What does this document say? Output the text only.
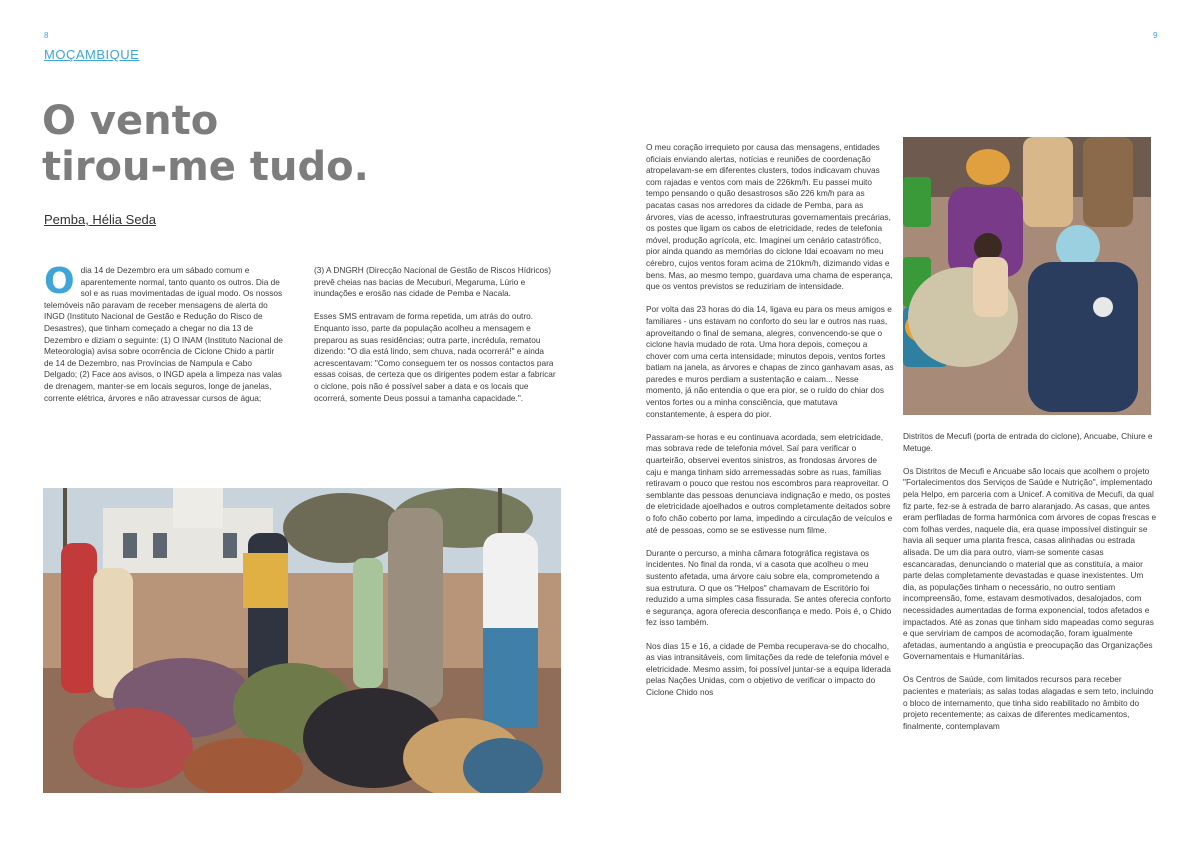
8
MOÇAMBIQUE
O vento
tirou-me tudo.
Pemba, Hélia Seda

Odia 14 de Dezembro era um sábado comum e aparentemente normal, tanto quanto os outros. Dia de sol e as ruas movimentadas de igual modo. Os nossos telemóveis não paravam de receber mensagens de alerta do INGD (Instituto Nacional de Gestão e Redução do Risco de Desastres), que tinham começado a chegar no dia 13 de Dezembro e diziam o seguinte: (1) O INAM (Instituto Nacional de Meteorologia) avisa sobre ocorrência de Ciclone Chido a partir de 14 de Dezembro, nas Províncias de Nampula e Cabo Delgado; (2) Face aos avisos, o INGD apela a limpeza nas valas de drenagem, manter-se em locais seguros, longe de janelas, corrente elétrica, árvores e não atravessar cursos de água;

(3) A DNGRH (Direcção Nacional de Gestão de Riscos Hídricos) prevê cheias nas bacias de Mecuburi, Megaruma, Lúrio e inundações e erosão nas cidade de Pemba e Nacala.

Esses SMS entravam de forma repetida, um atrás do outro. Enquanto isso, parte da população acolheu a mensagem e preparou as suas residências; outra parte, incrédula, rematou dizendo: "O dia está lindo, sem chuva, nada ocorrerá!" e ainda acrescentavam: "Como conseguem ter os nossos contactos para essas coisas, de certeza que os dirigentes podem estar a fabricar o ciclone, pois não é possível saber a data e os locais que ocorrerá, somente Deus possui a tamanha capacidade.".

9

O meu coração irrequieto por causa das mensagens, entidades oficiais enviando alertas, notícias e reuniões de coordenação atropelavam-se em diferentes clusters, todos indicavam chuvas com rajadas e ventos com mais de 226km/h. Eu passei muito tempo pensando o quão desastrosos são 226 km/h para as pacatas casas nos arredores da cidade de Pemba, para as árvores, vias de acesso, infraestruturas governamentais precárias, os postes que ligam os cabos de eletricidade, redes de telefonia móvel, produção agrícola, etc. Imaginei um cenário catastrófico, pior ainda quando as memórias do ciclone Idai ecoavam no meu cérebro, cujos ventos foram acima de 210km/h, dizimando vidas e bens. Mas, ao mesmo tempo, guardava uma chama de esperança, que os ventos previstos se reduziriam de intensidade.

Por volta das 23 horas do dia 14, ligava eu para os meus amigos e familiares - uns estavam no conforto do seu lar e outros nas ruas, aproveitando o final de semana, alegres, convencendo-se que o ciclone havia mudado de rota. Uma hora depois, começou a chover com uma certa intensidade; minutos depois, ventos fortes batiam na janela, as árvores e chapas de zinco ganhavam asas, as paredes e muros perdiam a sustentação e caiam... Nesse momento, já não entendia o que era pior, se o ruído do chiar dos ventos fortes ou a minha consciência, que matutava constantemente, à espera do pior.

Passaram-se horas e eu continuava acordada, sem eletricidade, mas sobrava rede de telefonia móvel. Saí para verificar o quarteirão, observei eventos sinistros, as frondosas árvores de caju e manga tinham sido arremessadas sobre as ruas, famílias retiravam o pouco que restou nos escombros para reaproveitar. O semblante das pessoas denunciava indignação e medo, os postes de eletricidade ajoelhados e outros completamente deitados sobre o fofo chão coberto por lama, impedindo a circulação de veículos e até de pessoas, como se se estivesse num filme.

Durante o percurso, a minha câmara fotográfica registava os incidentes. No final da ronda, vi a casota que acolheu o meu sustento afetada, uma árvore caiu sobre ela, comprometendo a sua estrutura. O que os "Helpos" chamavam de Escritório foi reduzido a uma simples casa fissurada. Se antes oferecia conforto e segurança, agora oferecia desconfiança e medo. Pois é, o Chido fez isso também.

Nos dias 15 e 16, a cidade de Pemba recuperava-se do chocalho, as vias intransitáveis, com limitações da rede de telefonia móvel e eletricidade. Mesmo assim, foi possível juntar-se a equipa liderada pelas Nações Unidas, com o objetivo de verificar o impacto do Ciclone Chido nos

Distritos de Mecufi (porta de entrada do ciclone), Ancuabe, Chiure e Metuge.

Os Distritos de Mecufi e Ancuabe são locais que acolhem o projeto "Fortalecimentos dos Serviços de Saúde e Nutrição", implementado pela Helpo, em parceria com a Unicef. A comitiva de Mecufi, da qual fiz parte, fez-se à estrada de barro alaranjado. As casas, que antes eram perfiladas de forma harmónica com árvores de copas frescas e com folhas verdes, naquele dia, era quase impossível distinguir se havia ali sequer uma planta fresca, casas alinhadas ou estrada alisada. De um dia para outro, viam-se somente casas escancaradas, denunciando o material que as constituía, a maior parte delas completamente devastadas e quase inexistentes. Um dia, as populações tinham o necessário, no outro sentiam incompreensão, fome, estavam desmotivados, desalojados, com necessidades aumentadas de forma exponencial, todos afetados e impactados. Até as zonas que tinham sido mapeadas como seguras e que serviriam de campos de acomodação, foram igualmente afetadas, aumentando a angústia e preocupação das Organizações Governamentais e Humanitárias.

Os Centros de Saúde, com limitados recursos para receber pacientes e materiais; as salas todas alagadas e sem teto, incluindo o bloco de internamento, que tinha sido reabilitado no âmbito do projeto recentemente; as caixas de diferentes medicamentos, finalmente, contemplavam
